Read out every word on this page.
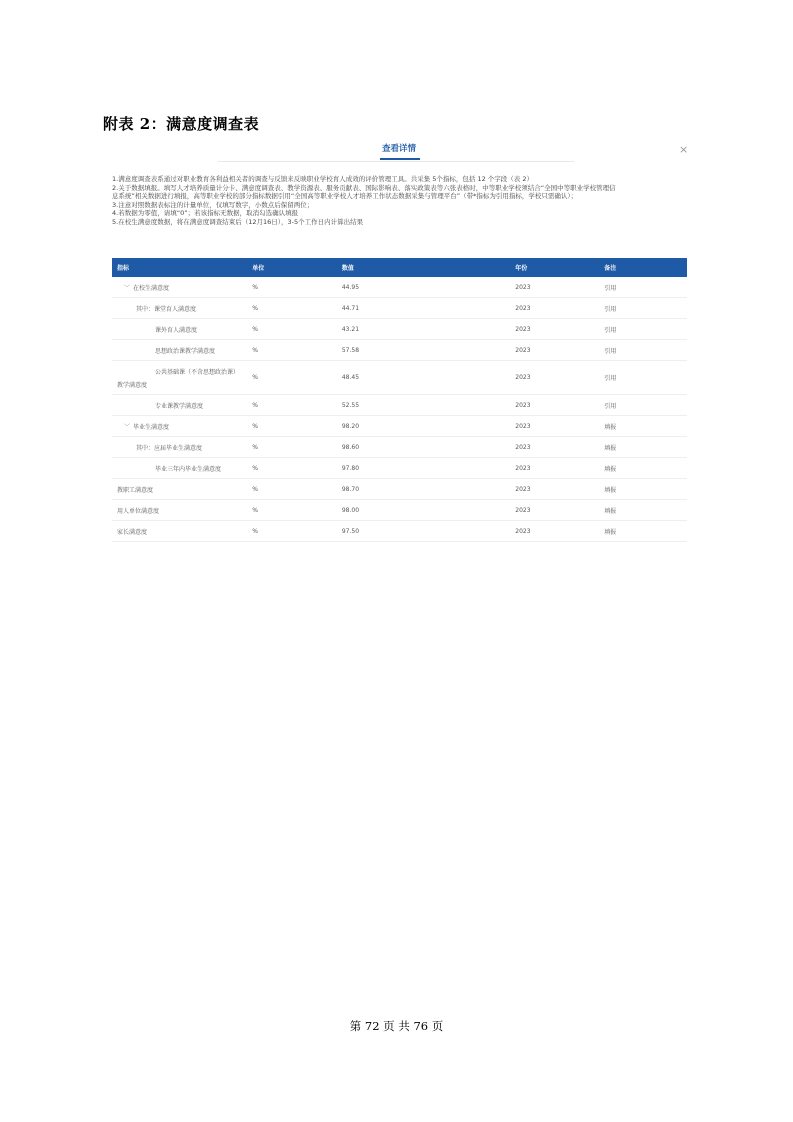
附表 2：满意度调查表
查看详情	×
1.满意度调查表系通过对职业教育各利益相关者的调查与反馈来反映职业学校育人成效的评价管理工具。共采集 5个指标，包括 12 个字段（表 2）
2.关于数据填报。填写人才培养质量计分卡、满意度调查表、教学资源表、服务贡献表、国际影响表、落实政策表等六张表格时，中等职业学校须结合“全国中等职业学校管理信
息系统”相关数据进行填报，高等职业学校的部分指标数据引用“全国高等职业学校人才培养工作状态数据采集与管理平台”（带*指标为引用指标，学校只需确认）；
3.注意对照数据表标注的计量单位，仅填写数字，小数点后保留两位；
4.若数据为零值，请填“0”；若该指标无数据，取消勾选确认填报
5.在校生满意度数据，将在满意度调查结束后（12月16日），3-5个工作日内计算出结果
指标	单位	数值	年份	备注
﹀ 在校生满意度	%	44.95	2023	引用
其中：课堂育人满意度	%	44.71	2023	引用
课外育人满意度	%	43.21	2023	引用
思想政治课教学满意度	%	57.58	2023	引用

公共基础课（不含思想政治课）
教学满意度	%	48.45	2023	引用
专业课教学满意度	%	52.55	2023	引用
﹀ 毕业生满意度	%	98.20	2023	填报
其中：应届毕业生满意度	%	98.60	2023	填报
毕业三年内毕业生满意度	%	97.80	2023	填报
教职工满意度	%	98.70	2023	填报
用人单位满意度	%	98.00	2023	填报
家长满意度	%	97.50	2023	填报
第 72 页 共 76 页
